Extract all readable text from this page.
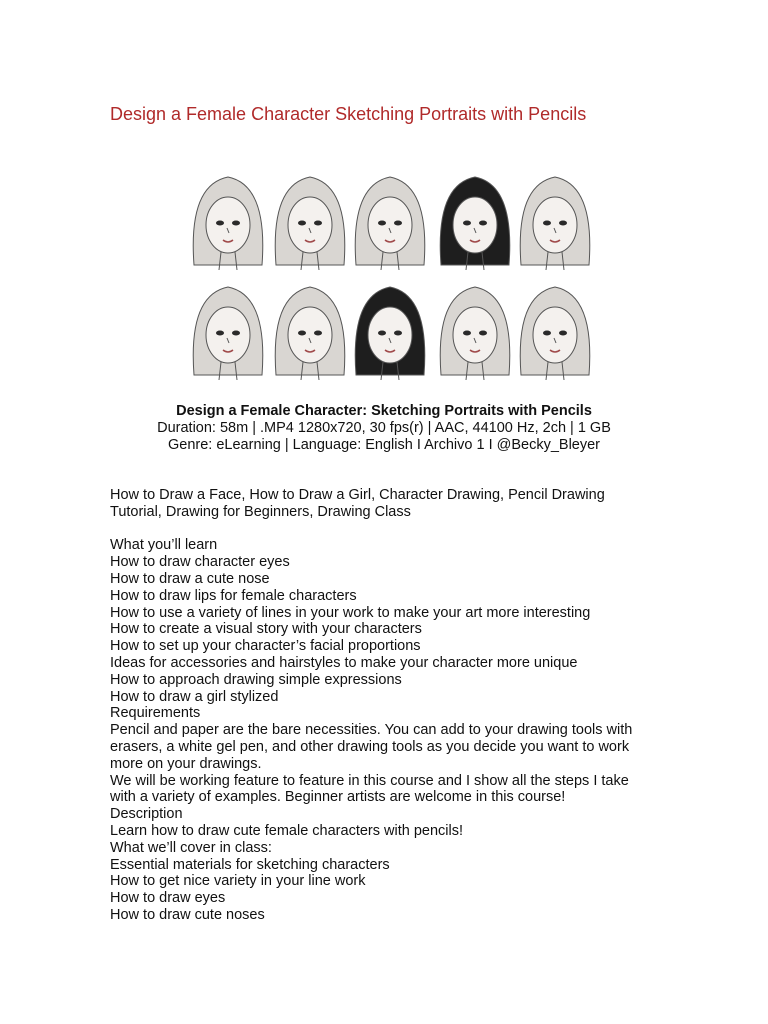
Design a Female Character Sketching Portraits with Pencils
Design a Female Character: Sketching Portraits with Pencils
Duration: 58m | .MP4 1280x720, 30 fps(r) | AAC, 44100 Hz, 2ch | 1 GB
Genre: eLearning | Language: English I Archivo 1 I @Becky_Bleyer
How to Draw a Face, How to Draw a Girl, Character Drawing, Pencil Drawing Tutorial, Drawing for Beginners, Drawing Class
What you’ll learn
How to draw character eyes
How to draw a cute nose
How to draw lips for female characters
How to use a variety of lines in your work to make your art more interesting
How to create a visual story with your characters
How to set up your character’s facial proportions
Ideas for accessories and hairstyles to make your character more unique
How to approach drawing simple expressions
How to draw a girl stylized
Requirements
Pencil and paper are the bare necessities. You can add to your drawing tools with erasers, a white gel pen, and other drawing tools as you decide you want to work more on your drawings.
We will be working feature to feature in this course and I show all the steps I take with a variety of examples. Beginner artists are welcome in this course!
Description
Learn how to draw cute female characters with pencils!
What we’ll cover in class:
Essential materials for sketching characters
How to get nice variety in your line work
How to draw eyes
How to draw cute noses
